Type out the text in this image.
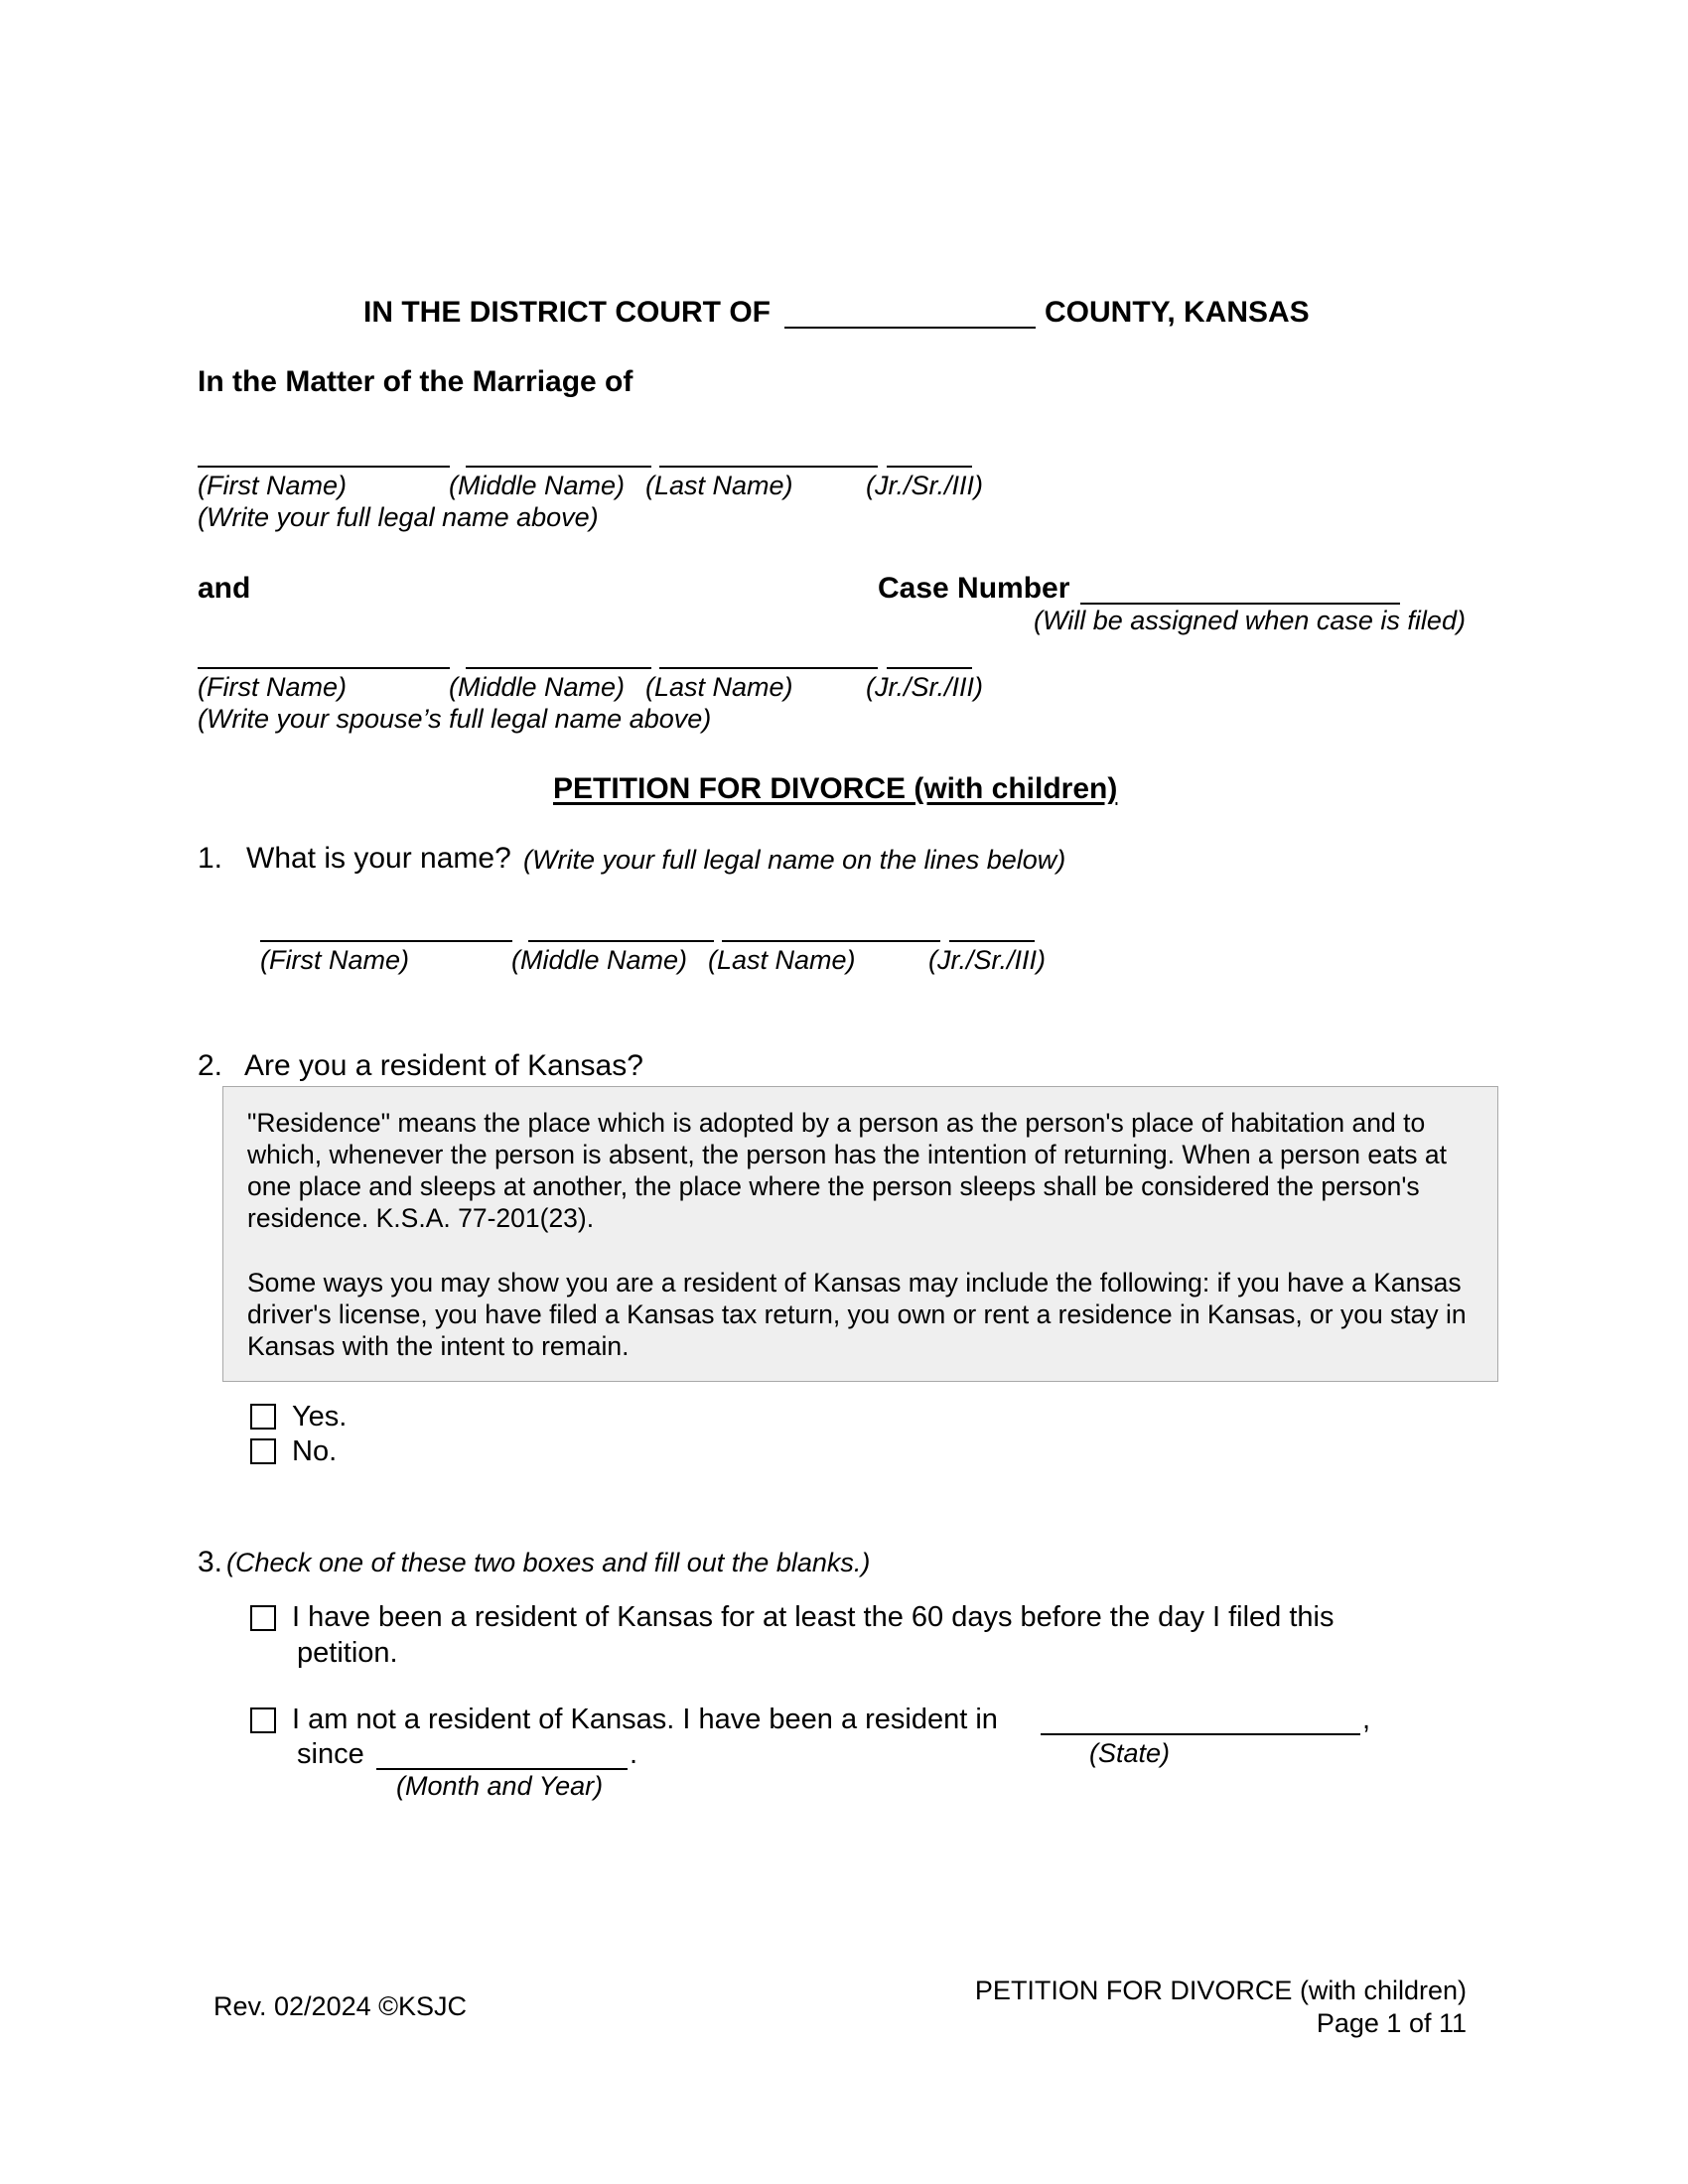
IN THE DISTRICT COURT OF	COUNTY, KANSAS
In the Matter of the Marriage of
(First Name)	(Middle Name) (Last Name)	(Jr./Sr./III)
(Write your full legal name above)
and	Case Number
(Will be assigned when case is filed)
(First Name)	(Middle Name) (Last Name)	(Jr./Sr./III)
(Write your spouse’s full legal name above)
PETITION FOR DIVORCE (with children)
1. What is your name? (Write your full legal name on the lines below)
(First Name)	(Middle Name) (Last Name)	(Jr./Sr./III)
2. Are you a resident of Kansas?

"Residence" means the place which is adopted by a person as the person's place of habitation and to which, whenever the person is absent, the person has the intention of returning. When a person eats at one place and sleeps at another, the place where the person sleeps shall be considered the person's residence. K.S.A. 77-201(23).

Some ways you may show you are a resident of Kansas may include the following: if you have a Kansas driver's license, you have filed a Kansas tax return, you own or rent a residence in Kansas, or you stay in Kansas with the intent to remain.

Yes.
No.
3. (Check one of these two boxes and fill out the blanks.)
I have been a resident of Kansas for at least the 60 days before the day I filed this
petition.
I am not a resident of Kansas. I have been a resident in	,
(State)
since	.
(Month and Year)
Rev. 02/2024 ©KSJC
PETITION FOR DIVORCE (with children)
Page 1 of 11
